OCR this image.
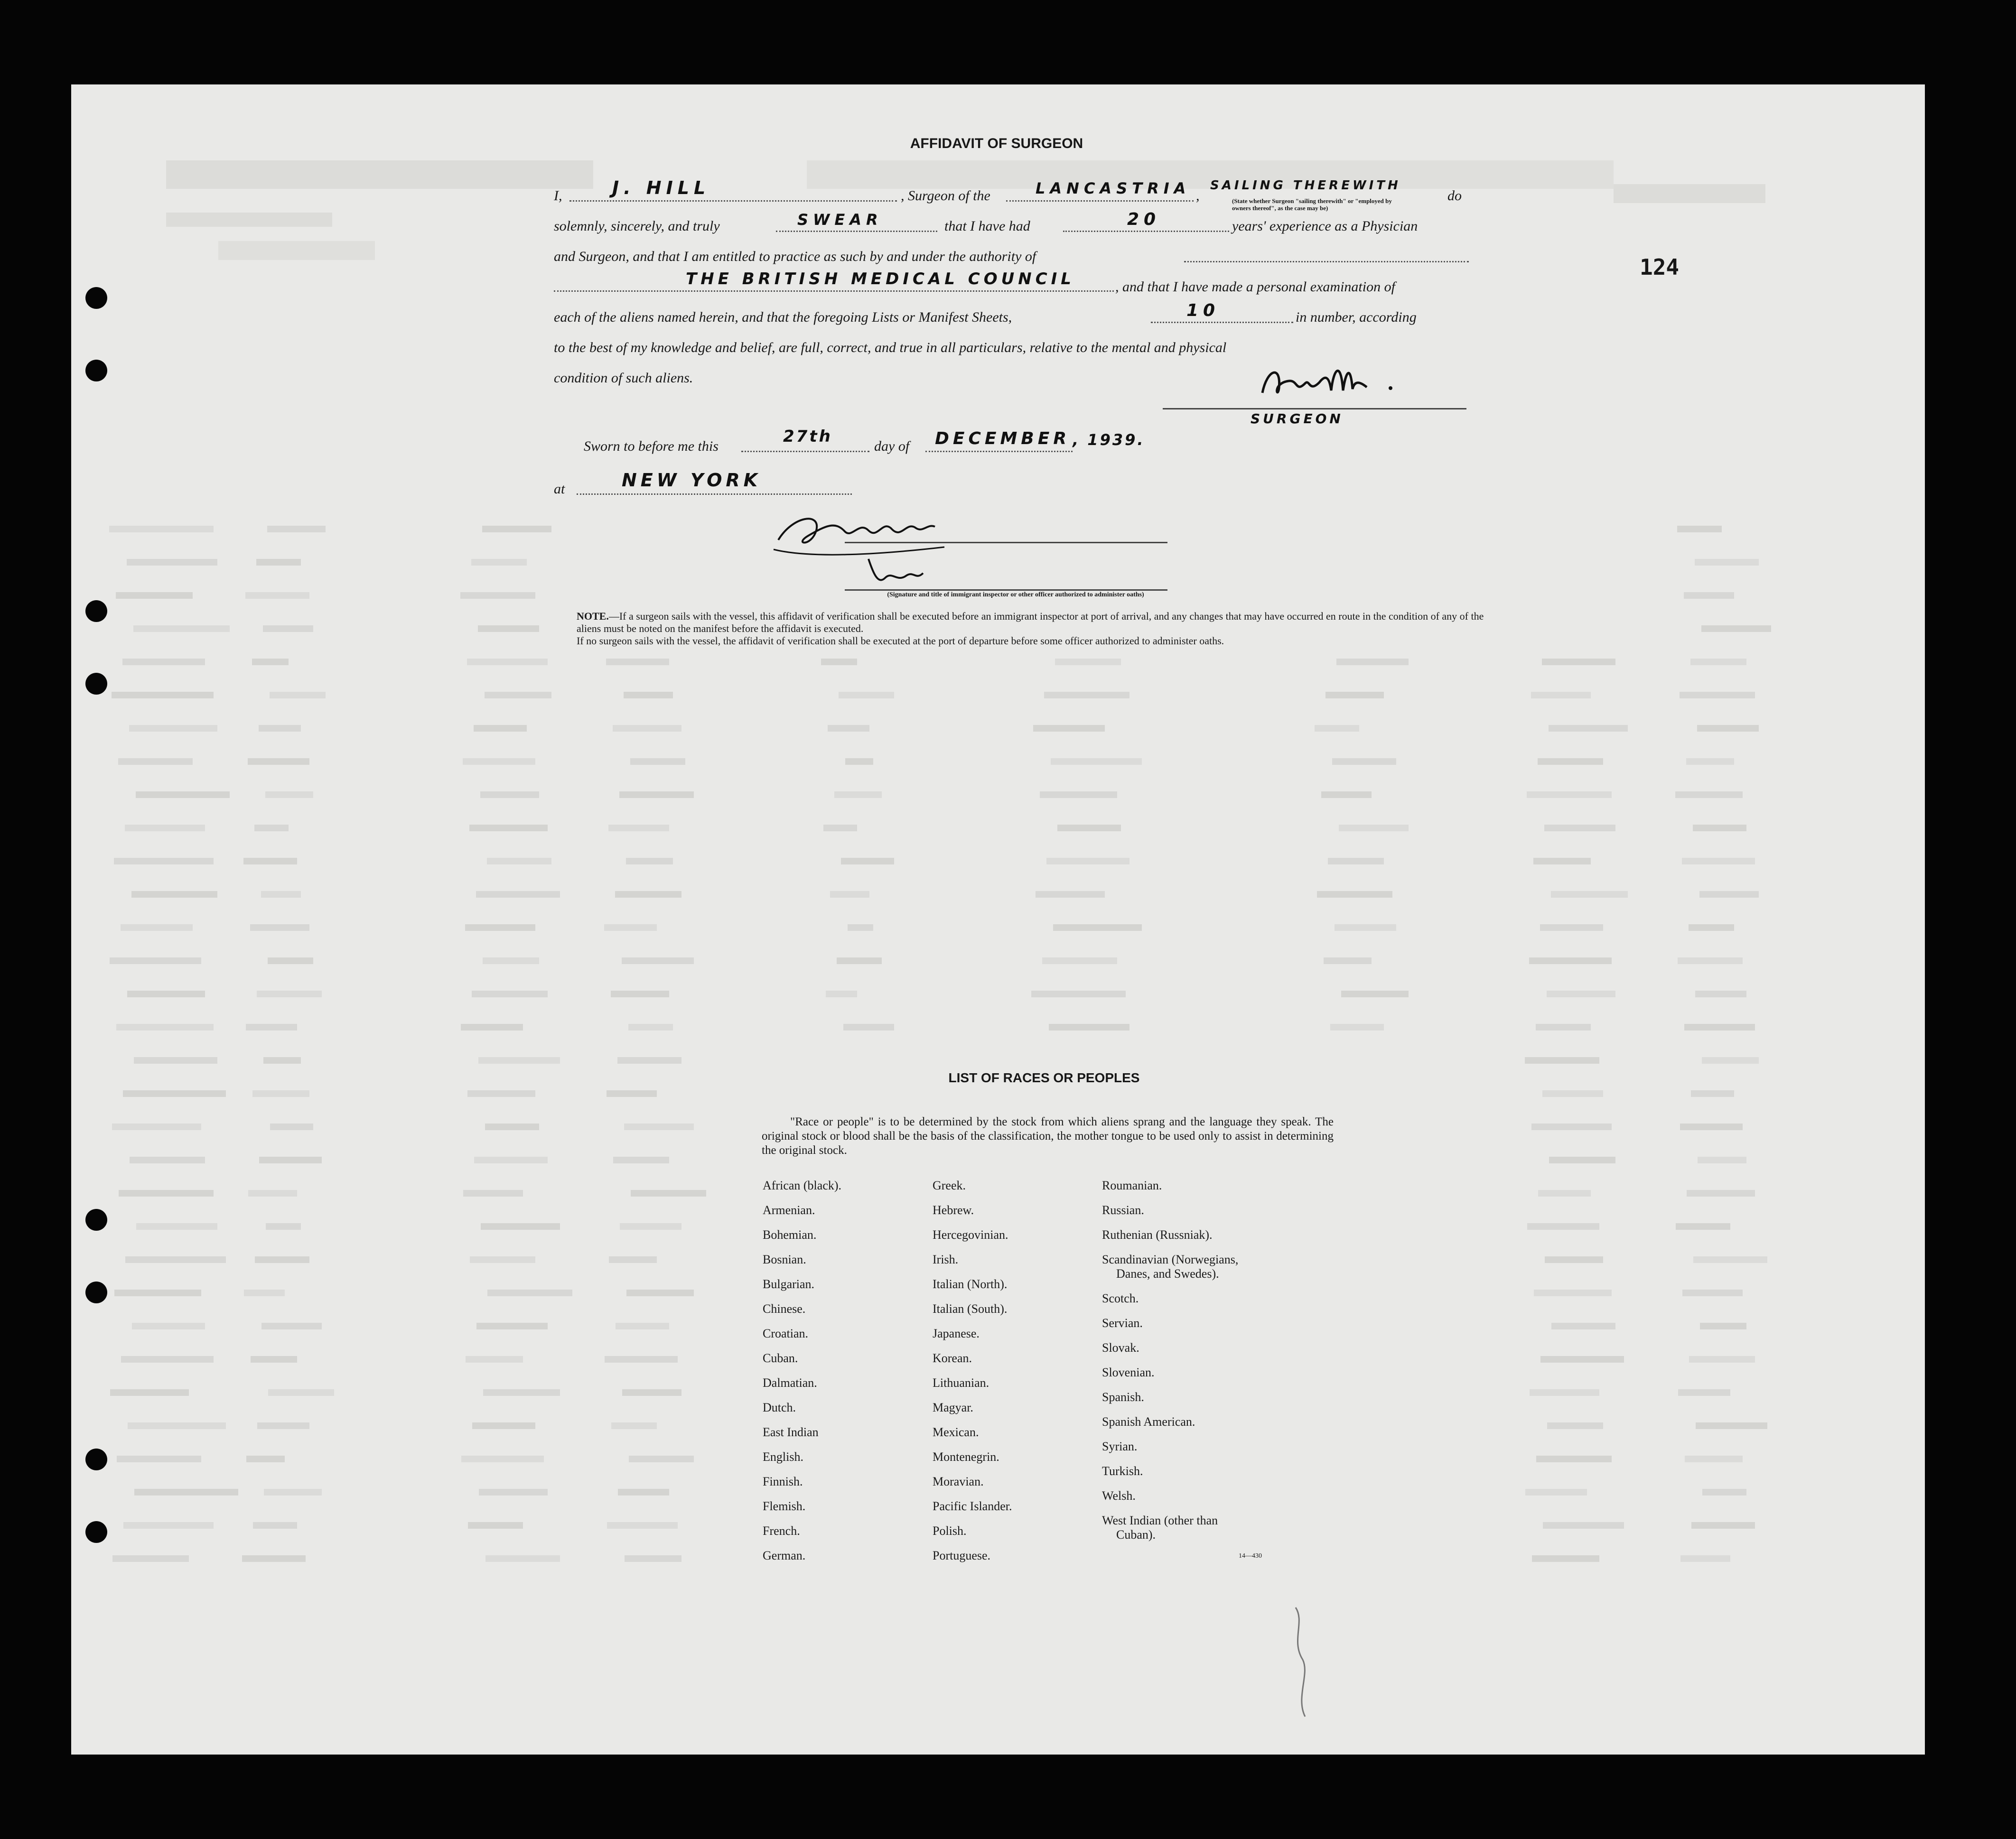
124
AFFIDAVIT OF SURGEON
I,	J. HILL	, Surgeon of the	LANCASTRIA ,
SAILING THEREWITH
(State whether Surgeon "sailing therewith" or "employed by owners thereof", as the case may be)
do
solemnly, sincerely, and truly	SWEAR	that I have had	20	years' experience as a Physician
and Surgeon, and that I am entitled to practice as such by and under the authority of
THE BRITISH MEDICAL COUNCIL	, and that I have made a personal examination of
each of the aliens named herein, and that the foregoing Lists or Manifest Sheets,	10	in number, according
to the best of my knowledge and belief, are full, correct, and true in all particulars, relative to the mental and physical
condition of such aliens.
SURGEON
Sworn to before me this
27th
day of DECEMBER , 1939.
at	NEW YORK
(Signature and title of immigrant inspector or other officer authorized to administer oaths)
NOTE.—If a surgeon sails with the vessel, this affidavit of verification shall be executed before an immigrant inspector at port of arrival, and any changes that may have occurred en route in the condition of any of the aliens must be noted on the manifest before the affidavit is executed.
If no surgeon sails with the vessel, the affidavit of verification shall be executed at the port of departure before some officer authorized to administer oaths.
LIST OF RACES OR PEOPLES
"Race or people" is to be determined by the stock from which aliens sprang and the language they speak. The original stock or blood shall be the basis of the classification, the mother tongue to be used only to assist in determining the original stock.
African (black).
Armenian.
Bohemian.
Bosnian.
Bulgarian.
Chinese.
Croatian.
Cuban.
Dalmatian.
Dutch.
East Indian
English.
Finnish.
Flemish.
French.
German.
Greek.
Hebrew.
Hercegovinian.
Irish.
Italian (North).
Italian (South).
Japanese.
Korean.
Lithuanian.
Magyar.
Mexican.
Montenegrin.
Moravian.
Pacific Islander.
Polish.
Portuguese.
Roumanian.
Russian.
Ruthenian (Russniak).
Scandinavian (Norwegians,
Danes, and Swedes).
Scotch.
Servian.
Slovak.
Slovenian.
Spanish.
Spanish American.
Syrian.
Turkish.
Welsh.
West Indian (other than
Cuban).
14—430
